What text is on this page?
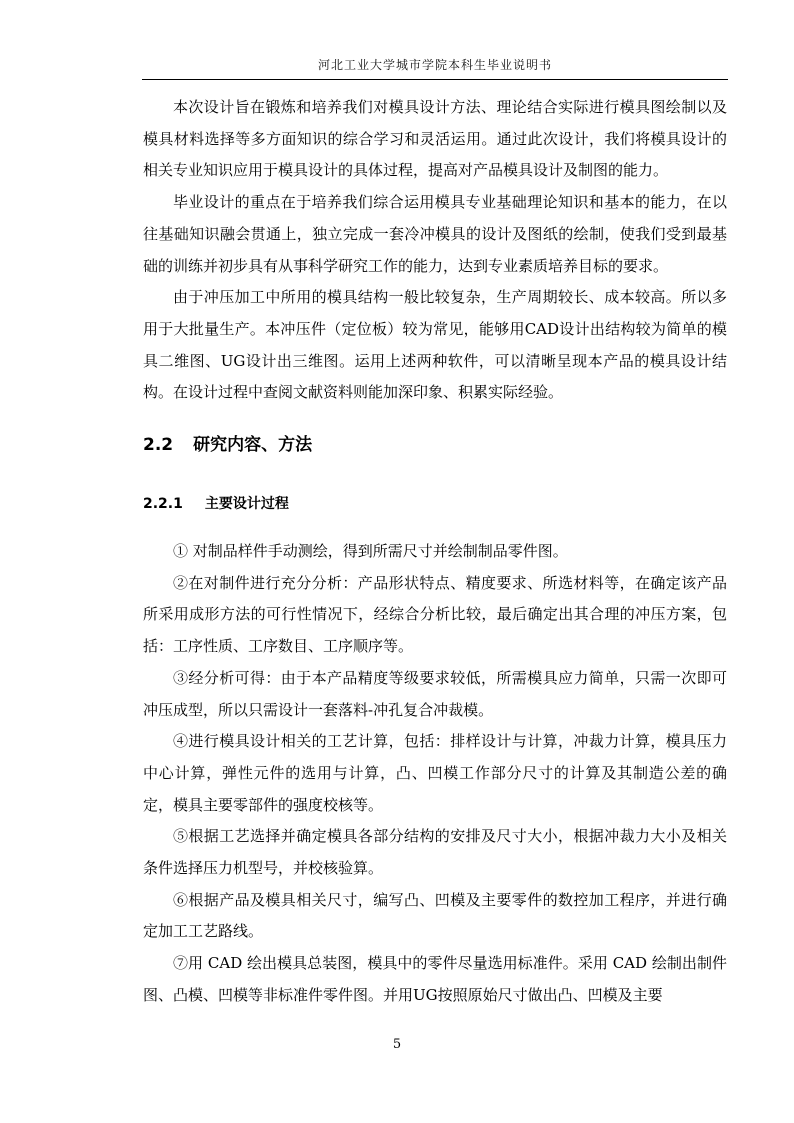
河北工业大学城市学院本科生毕业说明书

本次设计旨在锻炼和培养我们对模具设计方法、理论结合实际进行模具图绘制以及模具材料选择等多方面知识的综合学习和灵活运用。通过此次设计，我们将模具设计的相关专业知识应用于模具设计的具体过程，提高对产品模具设计及制图的能力。

毕业设计的重点在于培养我们综合运用模具专业基础理论知识和基本的能力，在以往基础知识融会贯通上，独立完成一套冷冲模具的设计及图纸的绘制，使我们受到最基础的训练并初步具有从事科学研究工作的能力，达到专业素质培养目标的要求。

由于冲压加工中所用的模具结构一般比较复杂，生产周期较长、成本较高。所以多用于大批量生产。本冲压件（定位板）较为常见，能够用CAD设计出结构较为简单的模具二维图、UG设计出三维图。运用上述两种软件，可以清晰呈现本产品的模具设计结构。在设计过程中查阅文献资料则能加深印象、积累实际经验。

2.2 研究内容、方法
2.2.1 主要设计过程

① 对制品样件手动测绘，得到所需尺寸并绘制制品零件图。

②在对制件进行充分分析：产品形状特点、精度要求、所选材料等，在确定该产品所采用成形方法的可行性情况下，经综合分析比较，最后确定出其合理的冲压方案，包括：工序性质、工序数目、工序顺序等。

③经分析可得：由于本产品精度等级要求较低，所需模具应力简单，只需一次即可冲压成型，所以只需设计一套落料-冲孔复合冲裁模。

④进行模具设计相关的工艺计算，包括：排样设计与计算，冲裁力计算，模具压力中心计算，弹性元件的选用与计算，凸、凹模工作部分尺寸的计算及其制造公差的确定，模具主要零部件的强度校核等。

⑤根据工艺选择并确定模具各部分结构的安排及尺寸大小，根据冲裁力大小及相关条件选择压力机型号，并校核验算。

⑥根据产品及模具相关尺寸，编写凸、凹模及主要零件的数控加工程序，并进行确定加工工艺路线。

⑦用 CAD 绘出模具总装图，模具中的零件尽量选用标准件。采用 CAD 绘制出制件图、凸模、凹模等非标准件零件图。并用UG按照原始尺寸做出凸、凹模及主要

5
